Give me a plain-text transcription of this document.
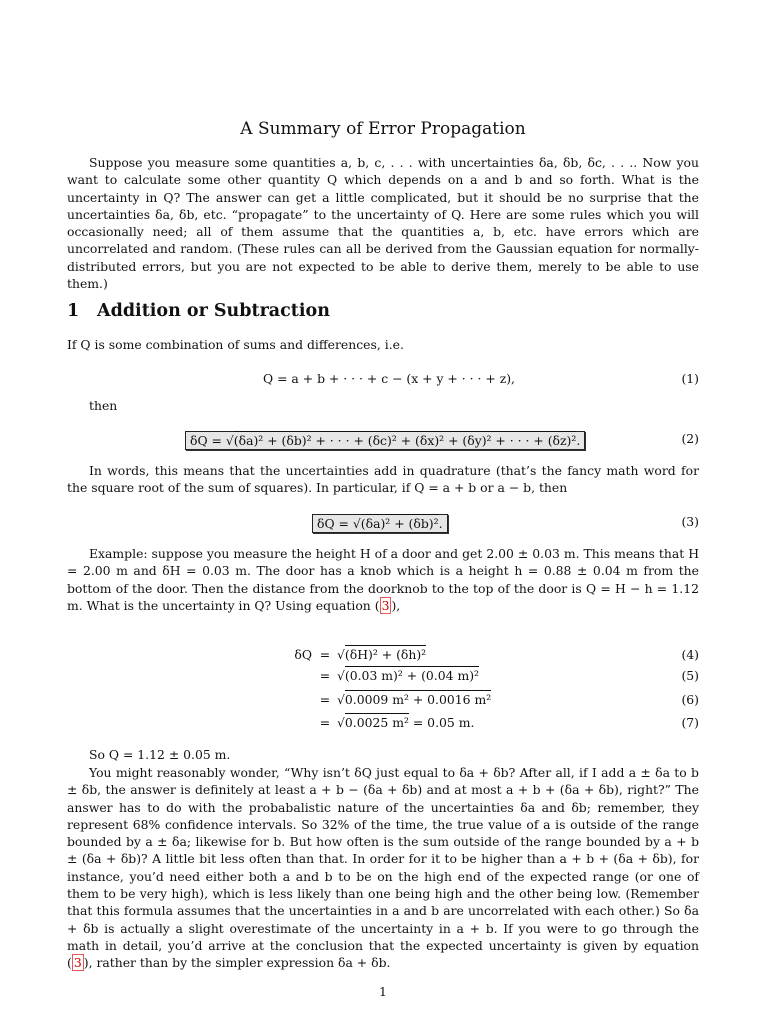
A Summary of Error Propagation

Suppose you measure some quantities a, b, c, . . . with uncertainties δa, δb, δc, . . .. Now you want to calculate some other quantity Q which depends on a and b and so forth. What is the uncertainty in Q? The answer can get a little complicated, but it should be no surprise that the uncertainties δa, δb, etc. “propagate” to the uncertainty of Q. Here are some rules which you will occasionally need; all of them assume that the quantities a, b, etc. have errors which are uncorrelated and random. (These rules can all be derived from the Gaussian equation for normally-distributed errors, but you are not expected to be able to derive them, merely to be able to use them.)

1 Addition or Subtraction

If Q is some combination of sums and differences, i.e.

Q = a + b + · · · + c − (x + y + · · · + z),	(1)
then
δQ = √(δa)² + (δb)² + · · · + (δc)² + (δx)² + (δy)² + · · · + (δz)².	(2)

In words, this means that the uncertainties add in quadrature (that’s the fancy math word for the square root of the sum of squares). In particular, if Q = a + b or a − b, then

δQ = √(δa)² + (δb)².	(3)

Example: suppose you measure the height H of a door and get 2.00 ± 0.03 m. This means that H = 2.00 m and δH = 0.03 m. The door has a knob which is a height h = 0.88 ± 0.04 m from the bottom of the door. Then the distance from the doorknob to the top of the door is Q = H − h = 1.12 m. What is the uncertainty in Q? Using equation ( 3 ),

δQ = √(δH)² + (δh)²	(4)
= √(0.03 m)² + (0.04 m)²	(5)
= √0.0009 m² + 0.0016 m²	(6)
= √0.0025 m² = 0.05 m.	(7)

So Q = 1.12 ± 0.05 m.

You might reasonably wonder, “Why isn’t δQ just equal to δa + δb? After all, if I add a ± δa to b ± δb, the answer is definitely at least a + b − (δa + δb) and at most a + b + (δa + δb), right?” The answer has to do with the probabalistic nature of the uncertainties δa and δb; remember, they represent 68% confidence intervals. So 32% of the time, the true value of a is outside of the range bounded by a ± δa; likewise for b. But how often is the sum outside of the range bounded by a + b ± (δa + δb)? A little bit less often than that. In order for it to be higher than a + b + (δa + δb), for instance, you’d need either both a and b to be on the high end of the expected range (or one of them to be very high), which is less likely than one being high and the other being low. (Remember that this formula assumes that the uncertainties in a and b are uncorrelated with each other.) So δa + δb is actually a slight overestimate of the uncertainty in a + b. If you were to go through the math in detail, you’d arrive at the conclusion that the expected uncertainty is given by equation ( 3 ), rather than by the simpler expression δa + δb.

1
